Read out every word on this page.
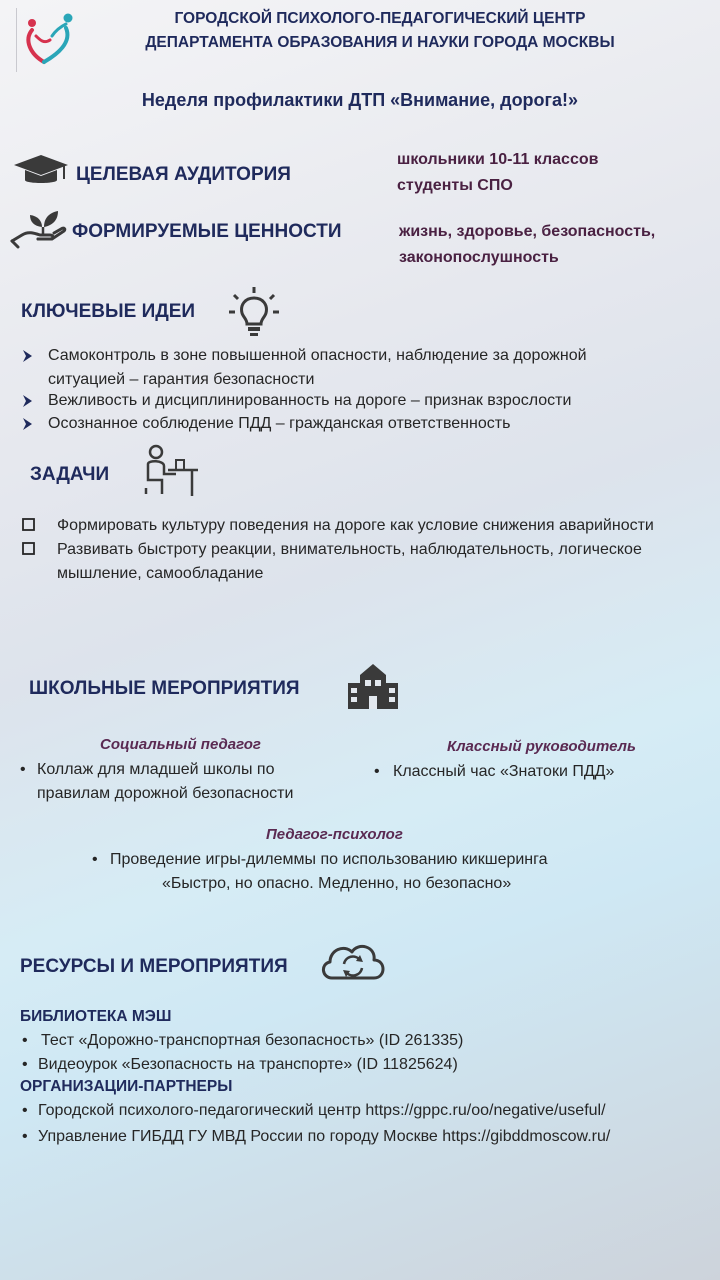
ГОРОДСКОЙ ПСИХОЛОГО-ПЕДАГОГИЧЕСКИЙ ЦЕНТР
ДЕПАРТАМЕНТА ОБРАЗОВАНИЯ И НАУКИ ГОРОДА МОСКВЫ
Неделя профилактики ДТП «Внимание, дорога!»
ЦЕЛЕВАЯ АУДИТОРИЯ
школьники 10-11 классов
студенты СПО
ФОРМИРУЕМЫЕ ЦЕННОСТИ	жизнь, здоровье, безопасность,
законопослушность
КЛЮЧЕВЫЕ ИДЕИ
Самоконтроль в зоне повышенной опасности, наблюдение за дорожной ситуацией – гарантия безопасности
Вежливость и дисциплинированность на дороге – признак взрослости
Осознанное соблюдение ПДД – гражданская ответственность
ЗАДАЧИ
Формировать культуру поведения на дороге как условие снижения аварийности
Развивать быстроту реакции, внимательность, наблюдательность, логическое мышление, самообладание
ШКОЛЬНЫЕ МЕРОПРИЯТИЯ
Социальный педагог
• Коллаж для младшей школы по правилам дорожной безопасности
Классный руководитель
• Классный час «Знатоки ПДД»
Педагог-психолог
• Проведение игры-дилеммы по использованию кикшеринга
«Быстро, но опасно. Медленно, но безопасно»
РЕСУРСЫ И МЕРОПРИЯТИЯ
БИБЛИОТЕКА МЭШ
• Тест «Дорожно-транспортная безопасность» (ID 261335)
• Видеоурок «Безопасность на транспорте» (ID 11825624)
ОРГАНИЗАЦИИ-ПАРТНЕРЫ
• Городской психолого-педагогический центр https://gppc.ru/oo/negative/useful/
• Управление ГИБДД ГУ МВД России по городу Москве https://gibddmoscow.ru/
